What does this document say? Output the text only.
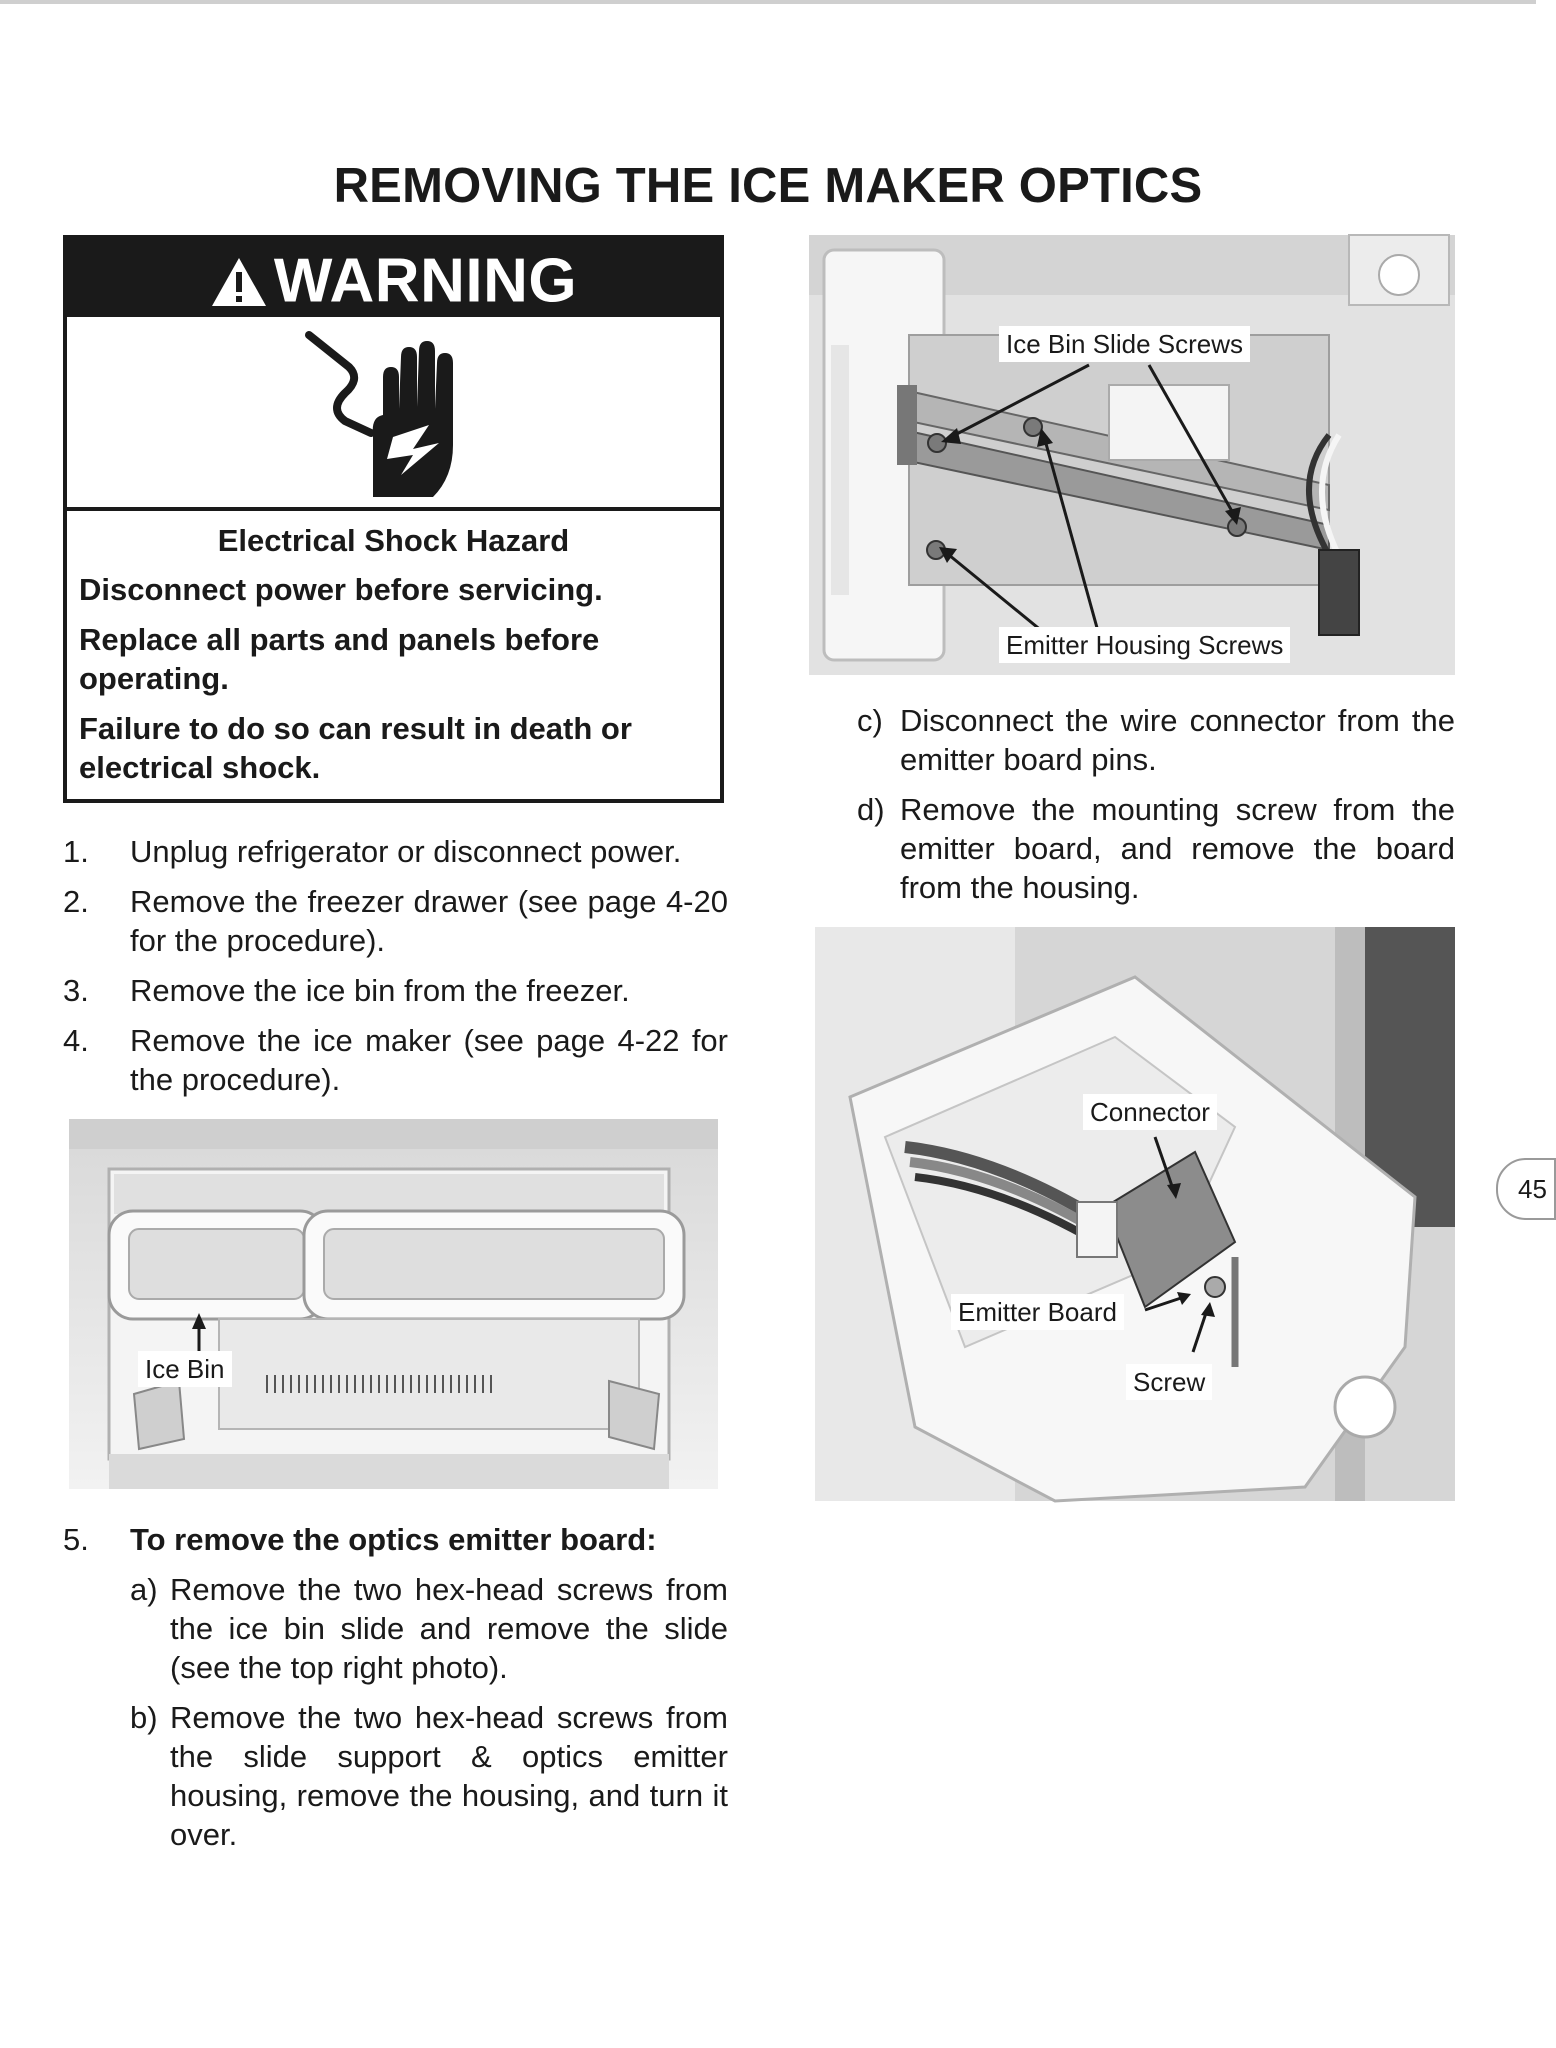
REMOVING THE ICE MAKER OPTICS
WARNING
Electrical Shock Hazard

Disconnect power before servicing.

Replace all parts and panels before operating.

Failure to do so can result in death or electrical shock.

1. Unplug refrigerator or disconnect power.
2. Remove the freezer drawer (see page 4-20 for the procedure).
3. Remove the ice bin from the freezer.
4. Remove the ice maker (see page 4-22 for the procedure).
Ice Bin
5. To remove the optics emitter board:
a) Remove the two hex-head screws from the ice bin slide and remove the slide (see the top right photo).
b) Remove the two hex-head screws from the slide support & optics emitter housing, remove the housing, and turn it over.
Ice Bin Slide Screws
Emitter Housing Screws
c) Disconnect the wire connector from the emitter board pins.
d) Remove the mounting screw from the emitter board, and remove the board from the housing.
Connector
Emitter Board
Screw
45
